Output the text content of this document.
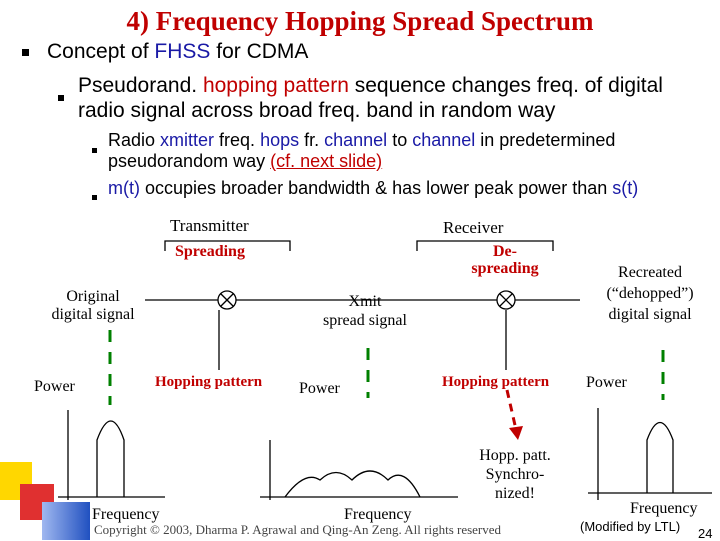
4) Frequency Hopping Spread Spectrum
Concept of FHSS for CDMA
Pseudorand. hopping pattern sequence changes freq. of digital radio signal across broad freq. band in random way
Radio xmitter freq. hops fr. channel to channel in predetermined pseudorandom way (cf. next slide)
m(t) occupies broader bandwidth & has lower peak power than s(t)
Transmitter	Receiver
Spreading	De-
spreading
Original
digital signal
Xmit
spread signal
Recreated
(“dehopped”)
digital signal
Power	Hopping pattern Power	Hopping pattern Power
Hopp. patt.
Synchro-
nized!
Frequency	Frequency	Frequency
Copyright © 2003, Dharma P. Agrawal and Qing-An Zeng. All rights reserved	(Modified by LTL) 24
